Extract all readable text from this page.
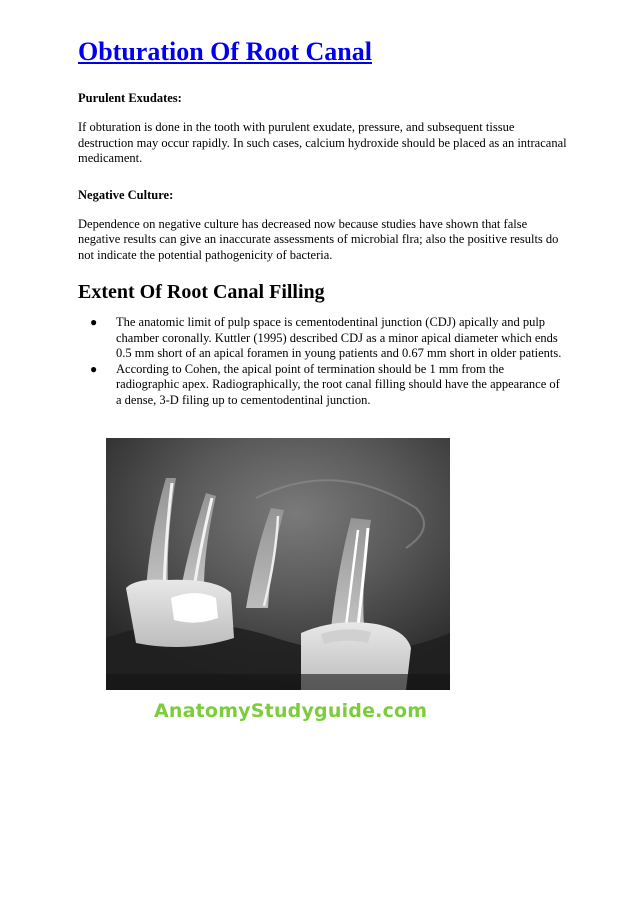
Obturation Of Root Canal

Purulent Exudates:

If obturation is done in the tooth with purulent exudate, pressure, and subsequent tissue destruction may occur rapidly. In such cases, calcium hydroxide should be placed as an intracanal medicament.

Negative Culture:

Dependence on negative culture has decreased now because studies have shown that false negative results can give an inaccurate assessments of microbial flra; also the positive results do not indicate the potential pathogenicity of bacteria.

Extent Of Root Canal Filling
● The anatomic limit of pulp space is cementodentinal junction (CDJ) apically and pulp chamber coronally. Kuttler (1995) described CDJ as a minor apical diameter which ends 0.5 mm short of an apical foramen in young patients and 0.67 mm short in older patients.
● According to Cohen, the apical point of termination should be 1 mm from the radiographic apex. Radiographically, the root canal filling should have the appearance of a dense, 3-D filing up to cementodentinal junction.
AnatomyStudyguide.com
